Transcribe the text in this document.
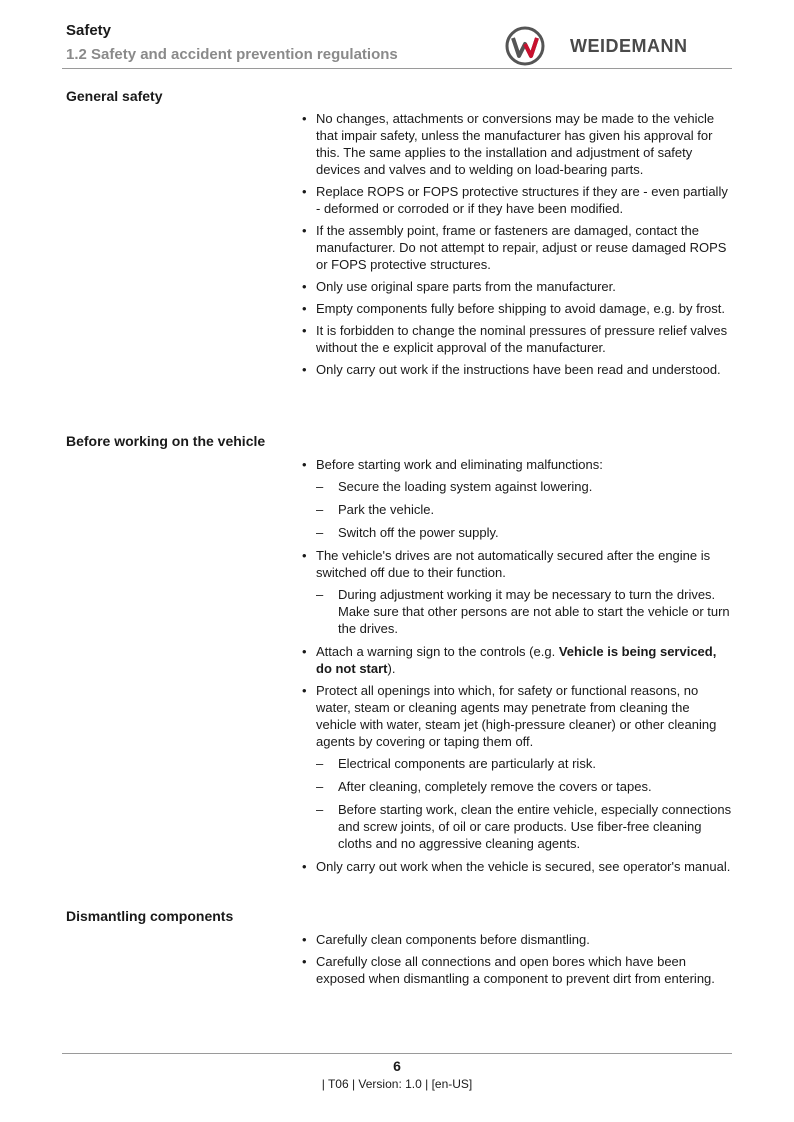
Safety
1.2 Safety and accident prevention regulations	WEIDEMANN
General safety
• No changes, attachments or conversions may be made to the vehicle that impair safety, unless the manufacturer has given his approval for this. The same applies to the installation and adjustment of safety devices and valves and to welding on load-bearing parts.
• Replace ROPS or FOPS protective structures if they are - even partially - deformed or corroded or if they have been modified.
• If the assembly point, frame or fasteners are damaged, contact the manufacturer. Do not attempt to repair, adjust or reuse damaged ROPS or FOPS protective structures.
• Only use original spare parts from the manufacturer.
• Empty components fully before shipping to avoid damage, e.g. by frost.
• It is forbidden to change the nominal pressures of pressure relief valves without the e explicit approval of the manufacturer.
• Only carry out work if the instructions have been read and understood.
Before working on the vehicle
• Before starting work and eliminating malfunctions:
– Secure the loading system against lowering.
– Park the vehicle.
– Switch off the power supply.
• The vehicle's drives are not automatically secured after the engine is switched off due to their function.
– During adjustment working it may be necessary to turn the drives. Make sure that other persons are not able to start the vehicle or turn the drives.
• Attach a warning sign to the controls (e.g. Vehicle is being serviced, do not start).
• Protect all openings into which, for safety or functional reasons, no water, steam or cleaning agents may penetrate from cleaning the vehicle with water, steam jet (high-pressure cleaner) or other cleaning agents by covering or taping them off.
– Electrical components are particularly at risk.
– After cleaning, completely remove the covers or tapes.
– Before starting work, clean the entire vehicle, especially connections and screw joints, of oil or care products. Use fiber-free cleaning cloths and no aggressive cleaning agents.
• Only carry out work when the vehicle is secured, see operator's manual.
Dismantling components
• Carefully clean components before dismantling.
• Carefully close all connections and open bores which have been exposed when dismantling a component to prevent dirt from entering.
6
| T06 | Version: 1.0 | [en-US]
